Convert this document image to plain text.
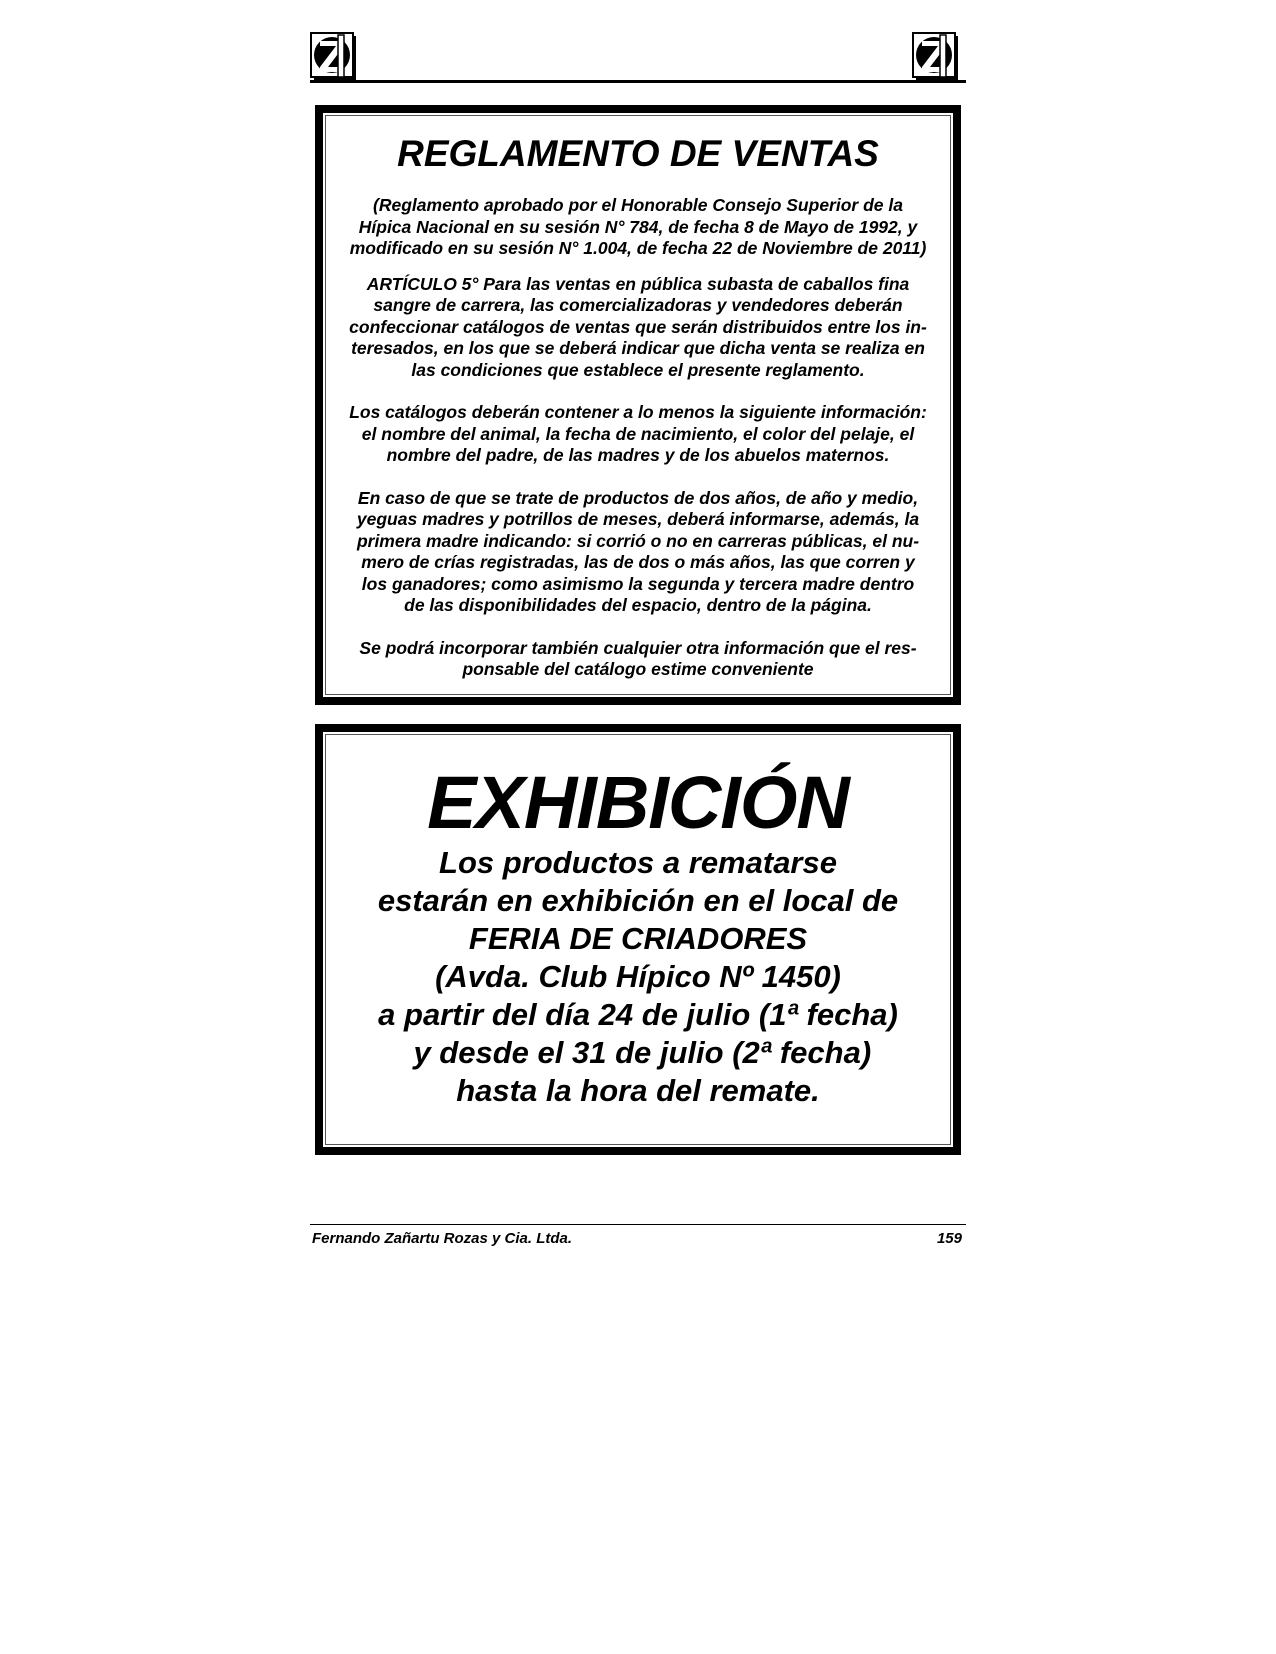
REGLAMENTO DE VENTAS
(Reglamento aprobado por el Honorable Consejo Superior de la
Hípica Nacional en su sesión N° 784, de fecha 8 de Mayo de 1992, y
modificado en su sesión N° 1.004, de fecha 22 de Noviembre de 2011)
ARTÍCULO 5° Para las ventas en pública subasta de caballos fina
sangre de carrera, las comercializadoras y vendedores deberán
confeccionar catálogos de ventas que serán distribuidos entre los in-
teresados, en los que se deberá indicar que dicha venta se realiza en
las condiciones que establece el presente reglamento.
Los catálogos deberán contener a lo menos la siguiente información:
el nombre del animal, la fecha de nacimiento, el color del pelaje, el
nombre del padre, de las madres y de los abuelos maternos.
En caso de que se trate de productos de dos años, de año y medio,
yeguas madres y potrillos de meses, deberá informarse, además, la
primera madre indicando: si corrió o no en carreras públicas, el nu-
mero de crías registradas, las de dos o más años, las que corren y
los ganadores; como asimismo la segunda y tercera madre dentro
de las disponibilidades del espacio, dentro de la página.
Se podrá incorporar también cualquier otra información que el res-
ponsable del catálogo estime conveniente
EXHIBICIÓN
Los productos a rematarse
estarán en exhibición en el local de
FERIA DE CRIADORES
(Avda. Club Hípico Nº 1450)
a partir del día 24 de julio (1ª fecha)
y desde el 31 de julio (2ª fecha)
hasta la hora del remate.
Fernando Zañartu Rozas y Cia. Ltda.	159
